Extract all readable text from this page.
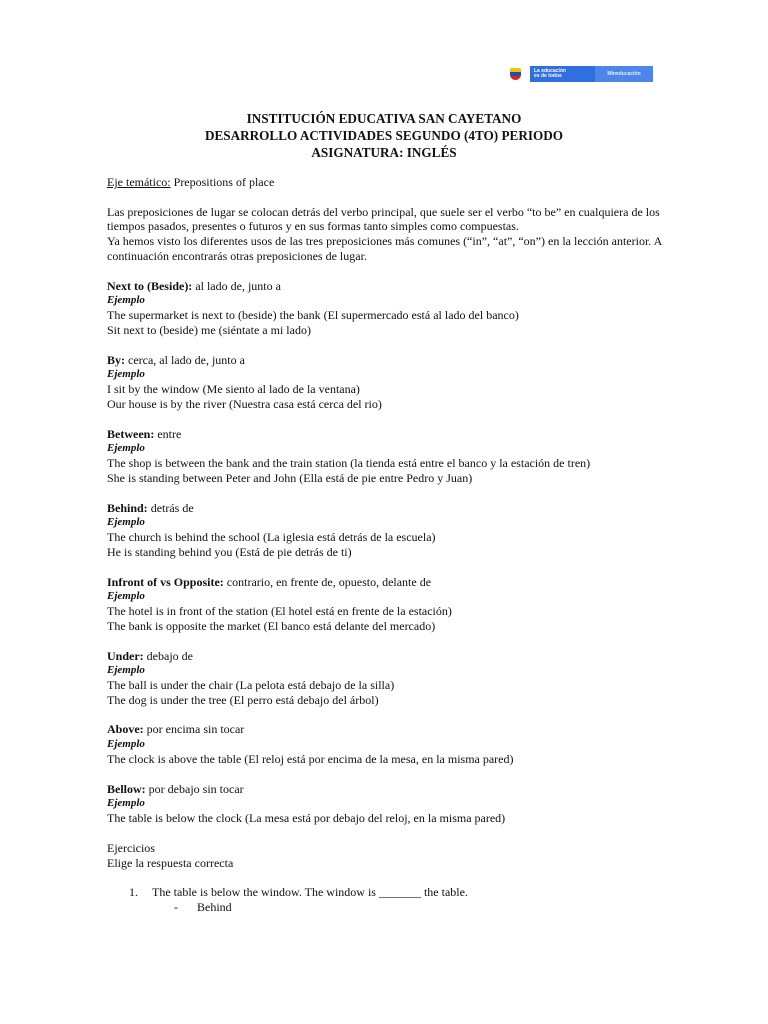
La educación
es de todos	Mineducación
INSTITUCIÓN EDUCATIVA SAN CAYETANO
DESARROLLO ACTIVIDADES SEGUNDO (4TO) PERIODO
ASIGNATURA: INGLÉS

Eje temático: Prepositions of place

Las preposiciones de lugar se colocan detrás del verbo principal, que suele ser el verbo “to be” en cualquiera de los tiempos pasados, presentes o futuros y en sus formas tanto simples como compuestas.

Ya hemos visto los diferentes usos de las tres preposiciones más comunes (“in”, “at”, “on”) en la lección anterior. A continuación encontrarás otras preposiciones de lugar.

Next to (Beside): al lado de, junto a

Ejemplo

The supermarket is next to (beside) the bank (El supermercado está al lado del banco)

Sit next to (beside) me (siéntate a mi lado)

By: cerca, al lado de, junto a

Ejemplo

I sit by the window (Me siento al lado de la ventana)

Our house is by the river (Nuestra casa está cerca del rio)

Between: entre

Ejemplo

The shop is between the bank and the train station (la tienda está entre el banco y la estación de tren)

She is standing between Peter and John (Ella está de pie entre Pedro y Juan)

Behind: detrás de

Ejemplo

The church is behind the school (La iglesia está detrás de la escuela)

He is standing behind you (Está de pie detrás de ti)

Infront of vs Opposite: contrario, en frente de, opuesto, delante de

Ejemplo

The hotel is in front of the station (El hotel está en frente de la estación)

The bank is opposite the market (El banco está delante del mercado)

Under: debajo de

Ejemplo

The ball is under the chair (La pelota está debajo de la silla)

The dog is under the tree (El perro está debajo del árbol)

Above: por encima sin tocar

Ejemplo

The clock is above the table (El reloj está por encima de la mesa, en la misma pared)

Bellow: por debajo sin tocar

Ejemplo

The table is below the clock (La mesa está por debajo del reloj, en la misma pared)

Ejercicios

Elige la respuesta correcta

1. The table is below the window. The window is _______ the table.
- Behind
